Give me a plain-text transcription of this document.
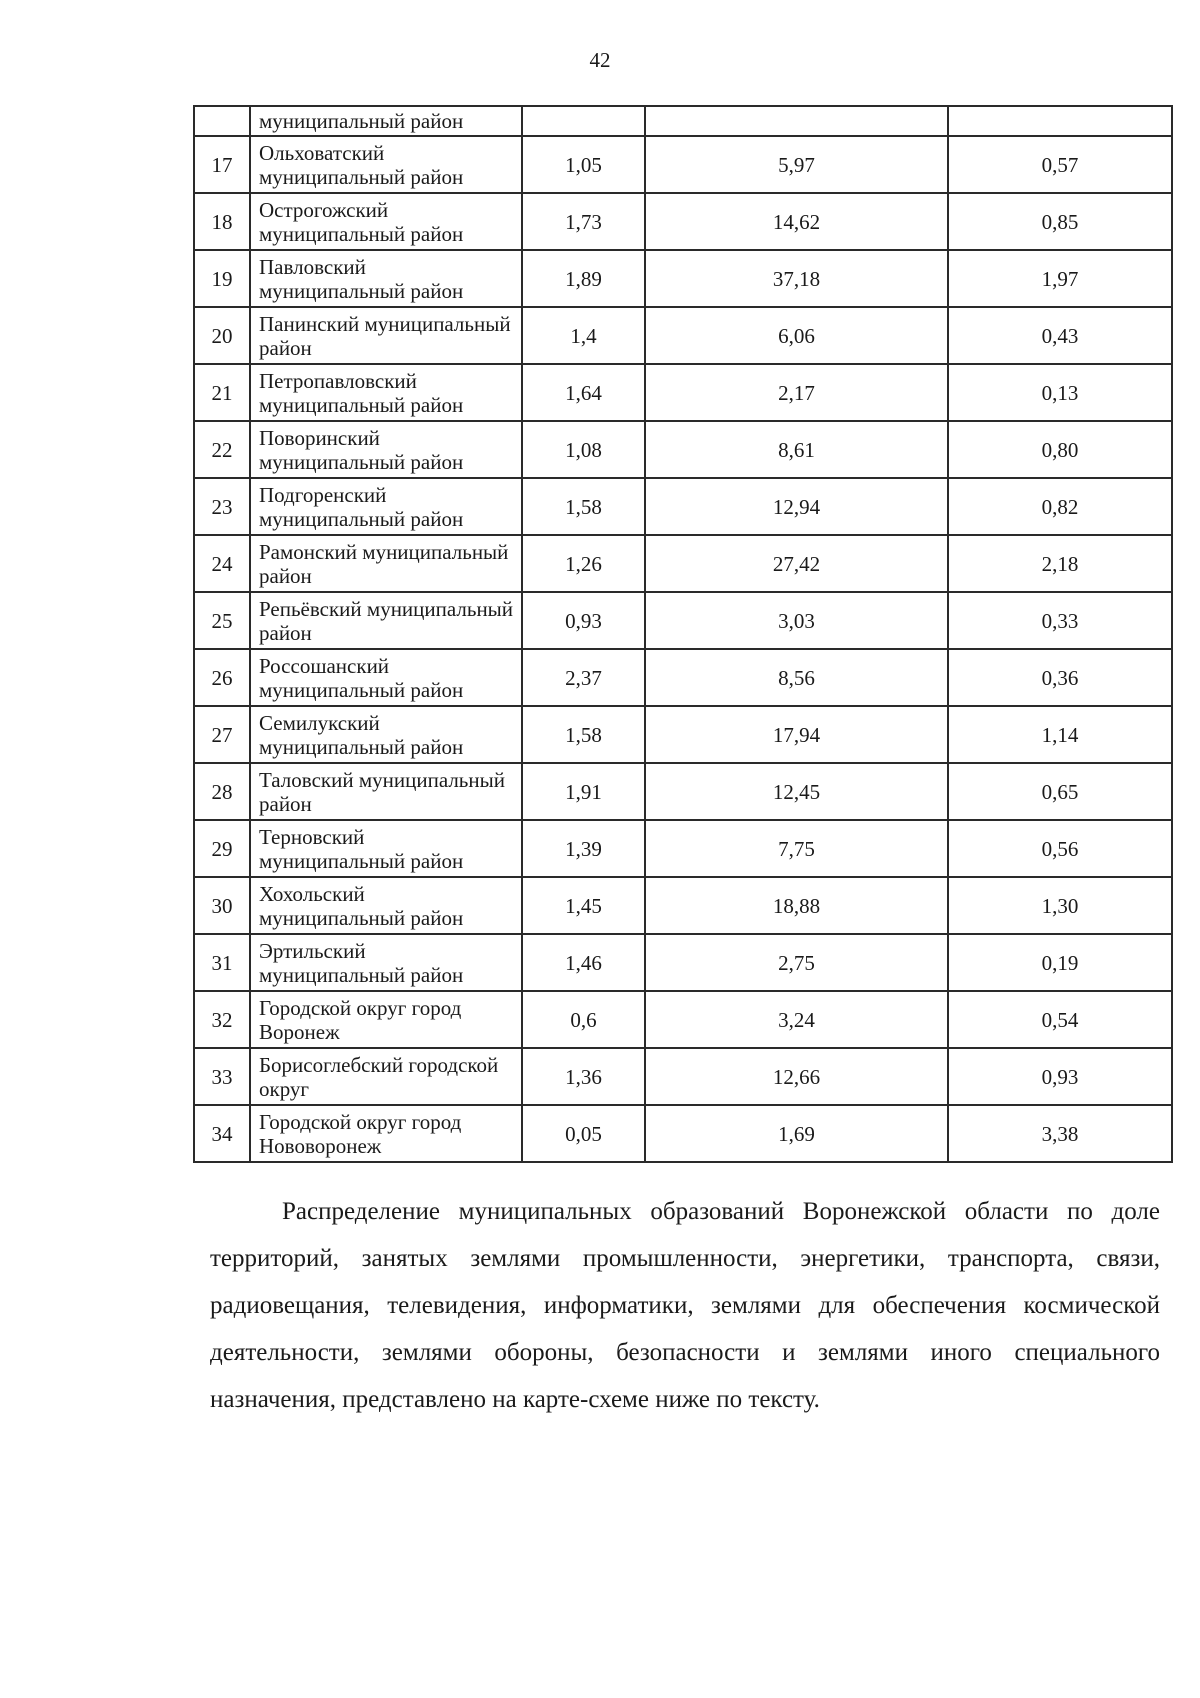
42
	муниципальный район			
17	Ольховатский муниципальный район	1,05	5,97	0,57
18	Острогожский муниципальный район	1,73	14,62	0,85
19	Павловский муниципальный район	1,89	37,18	1,97
20	Панинский муниципальный район	1,4	6,06	0,43
21	Петропавловский муниципальный район	1,64	2,17	0,13
22	Поворинский муниципальный район	1,08	8,61	0,80
23	Подгоренский муниципальный район	1,58	12,94	0,82
24	Рамонский муниципальный район	1,26	27,42	2,18
25	Репьёвский муниципальный район	0,93	3,03	0,33
26	Россошанский муниципальный район	2,37	8,56	0,36
27	Семилукский муниципальный район	1,58	17,94	1,14
28	Таловский муниципальный район	1,91	12,45	0,65
29	Терновский муниципальный район	1,39	7,75	0,56
30	Хохольский муниципальный район	1,45	18,88	1,30
31	Эртильский муниципальный район	1,46	2,75	0,19
32	Городской округ город Воронеж	0,6	3,24	0,54
33	Борисоглебский городской округ	1,36	12,66	0,93
34	Городской округ город Нововоронеж	0,05	1,69	3,38
Распределение муниципальных образований Воронежской области по доле территорий, занятых землями промышленности, энергетики, транспорта, связи, радиовещания, телевидения, информатики, землями для обеспечения космической деятельности, землями обороны, безопасности и землями иного специального назначения, представлено на карте-схеме ниже по тексту.
